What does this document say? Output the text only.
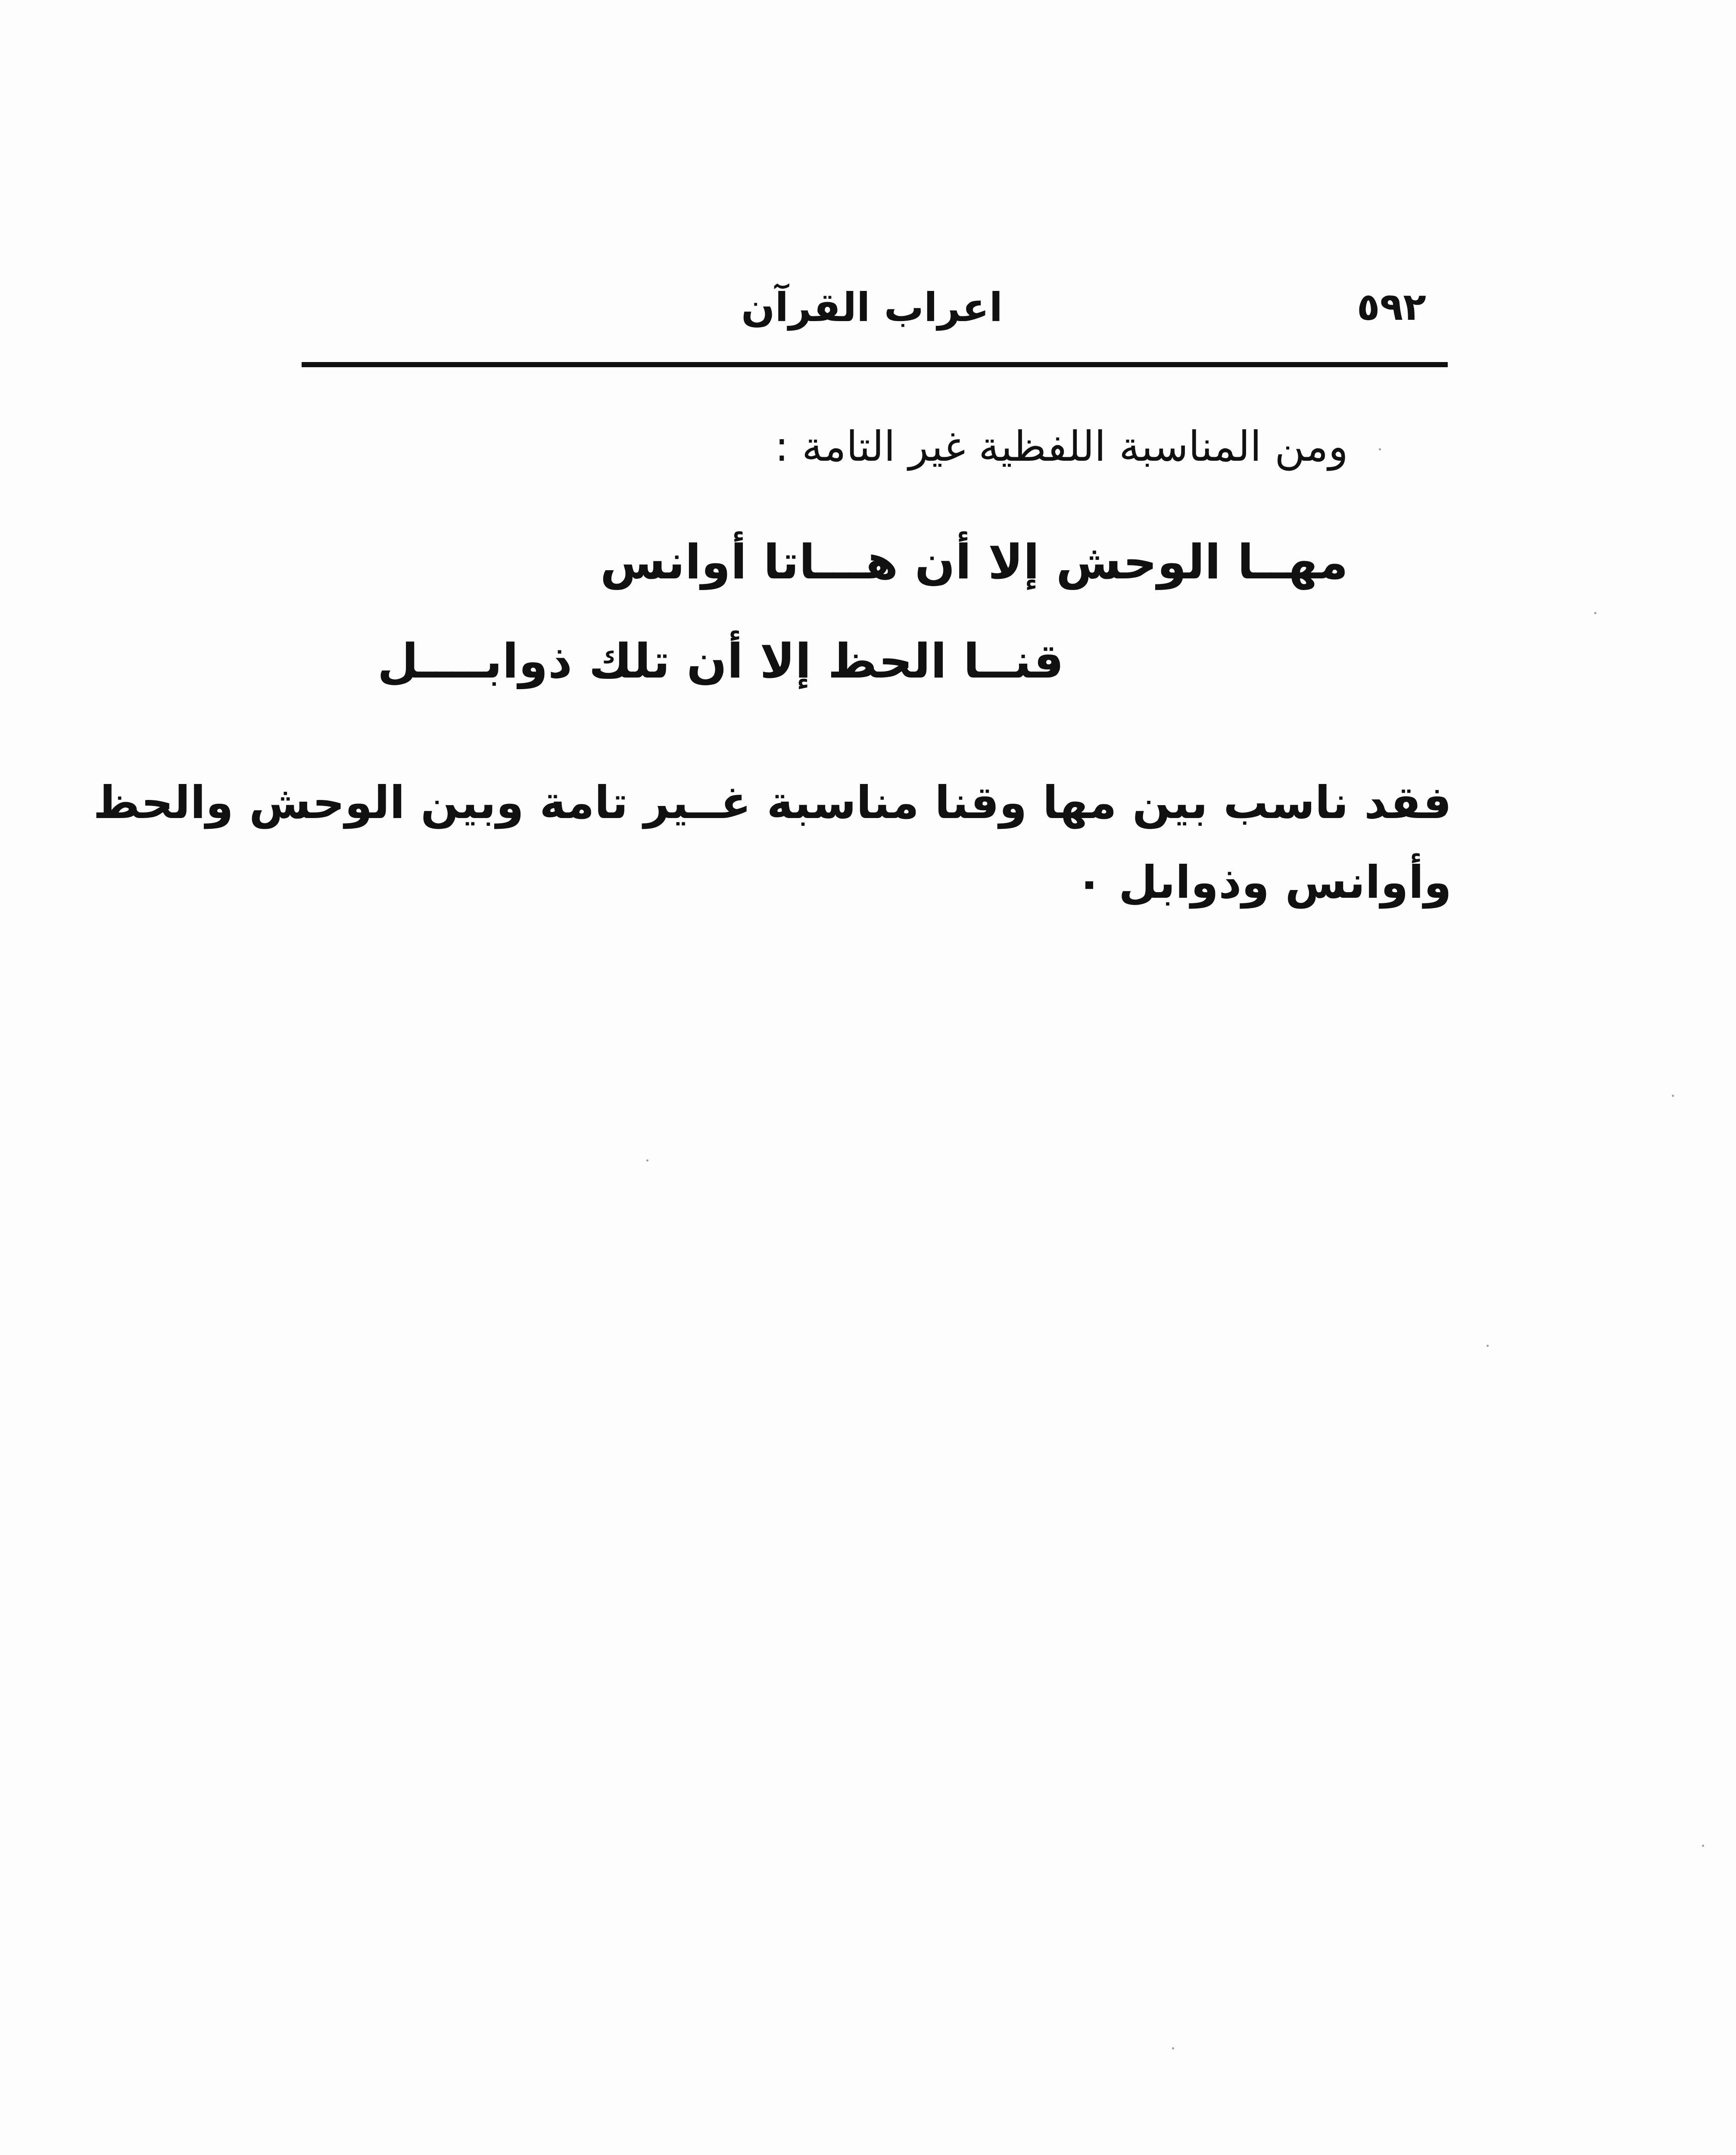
٥٩٢
اعراب القرآن
ومن المناسبة اللفظية غير التامة :
مهــا الوحش إلا أن هـــاتا أوانس
قنــا الحظ إلا أن تلك ذوابــــل
فقد ناسب بين مها وقنا مناسبة غــير تامة وبين الوحش والحظ
وأوانس وذوابل ٠
